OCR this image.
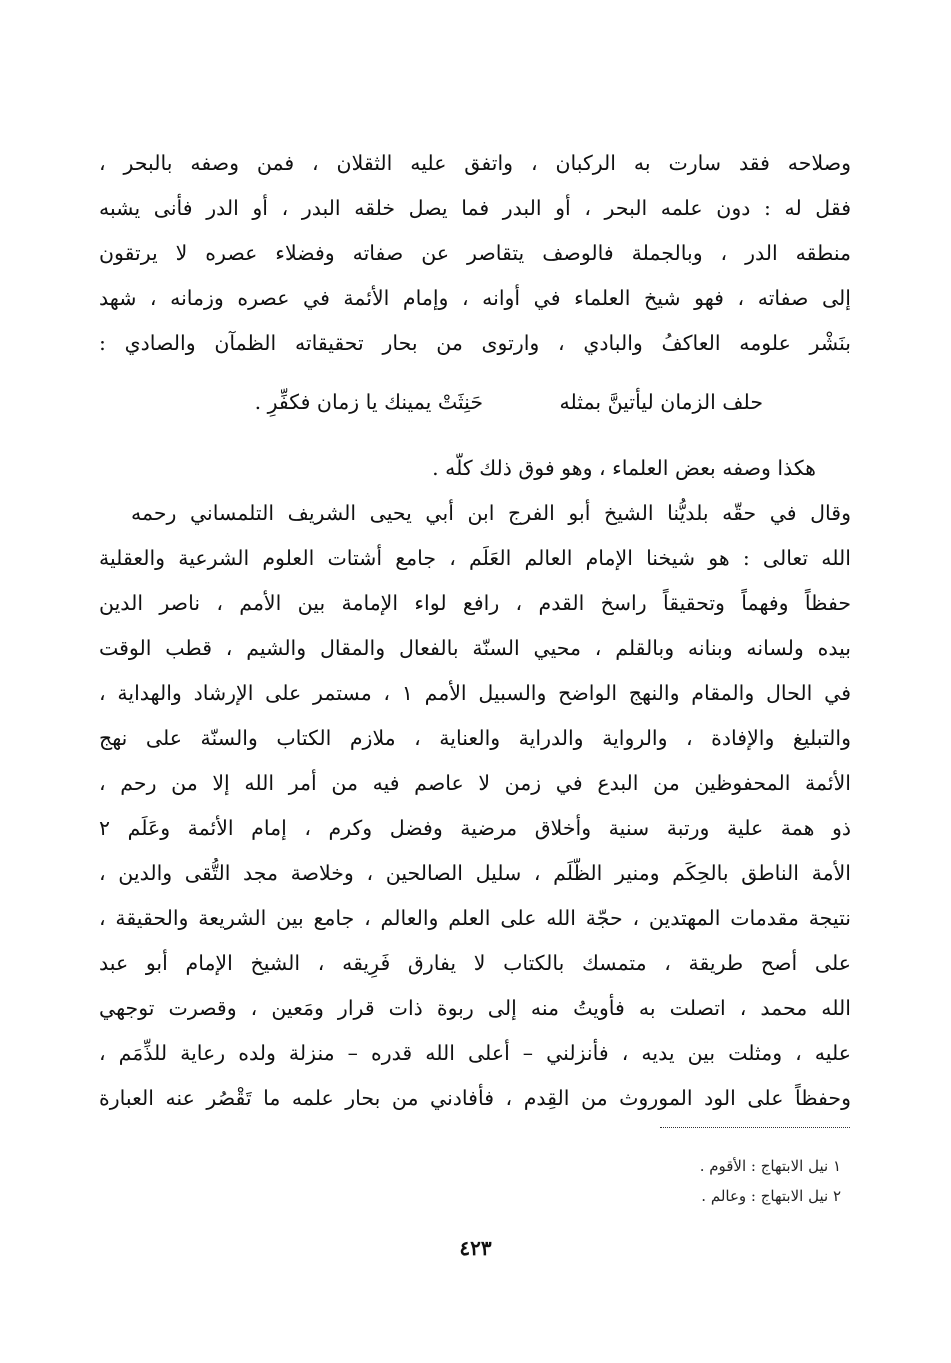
وصلاحه فقد سارت به الركبان ، واتفق عليه الثقلان ، فمن وصفه بالبحر ،
فقل له : دون علمه البحر ، أو البدر فما يصل خلقه البدر ، أو الدر فأنى يشبه
منطقه الدر ، وبالجملة فالوصف يتقاصر عن صفاته وفضلاء عصره لا يرتقون
إلى صفاته ، فهو شيخ العلماء في أوانه ، وإمام الأئمة في عصره وزمانه ، شهد
بنَشْر علومه العاكفُ والبادي ، وارتوى من بحار تحقيقاته الظمآن والصادي :
حلف الزمان ليأتينَّ بمثله
حَنِثَتْ يمينك يا زمان فكفِّرِ .
هكذا وصفه بعض العلماء ، وهو فوق ذلك كلّه .
وقال في حقّه بلديُّنا الشيخ أبو الفرج ابن أبي يحيى الشريف التلمساني رحمه
الله تعالى : هو شيخنا الإمام العالم العَلَم ، جامع أشتات العلوم الشرعية والعقلية
حفظاً وفهماً وتحقيقاً راسخ القدم ، رافع لواء الإمامة بين الأمم ، ناصر الدين
بيده ولسانه وبنانه وبالقلم ، محيي السنّة بالفعال والمقال والشيم ، قطب الوقت
في الحال والمقام والنهج الواضح والسبيل الأمم ١ ، مستمر على الإرشاد والهداية ،
والتبليغ والإفادة ، والرواية والدراية والعناية ، ملازم الكتاب والسنّة على نهج
الأئمة المحفوظين من البدع في زمن لا عاصم فيه من أمر الله إلا من رحم ،
ذو همة علية ورتبة سنية وأخلاق مرضية وفضل وكرم ، إمام الأئمة وعَلَم ٢
الأمة الناطق بالحِكَم ومنير الظُّلَم ، سليل الصالحين ، وخلاصة مجد التُّقى والدين ،
نتيجة مقدمات المهتدين ، حجّة الله على العلم والعالم ، جامع بين الشريعة والحقيقة ،
على أصح طريقة ، متمسك بالكتاب لا يفارق فَرِيقه ، الشيخ الإمام أبو عبد
الله محمد ، اتصلت به فأويتُ منه إلى ربوة ذات قرار ومَعين ، وقصرت توجهي
عليه ، ومثلت بين يديه ، فأنزلني – أعلى الله قدره – منزلة ولده رعاية للذِّمَم ،
وحفظاً على الود الموروث من القِدم ، فأفادني من بحار علمه ما تَقْصُر عنه العبارة
١ نيل الابتهاج : الأقوم .
٢ نيل الابتهاج : وعالم .
٤٢٣
